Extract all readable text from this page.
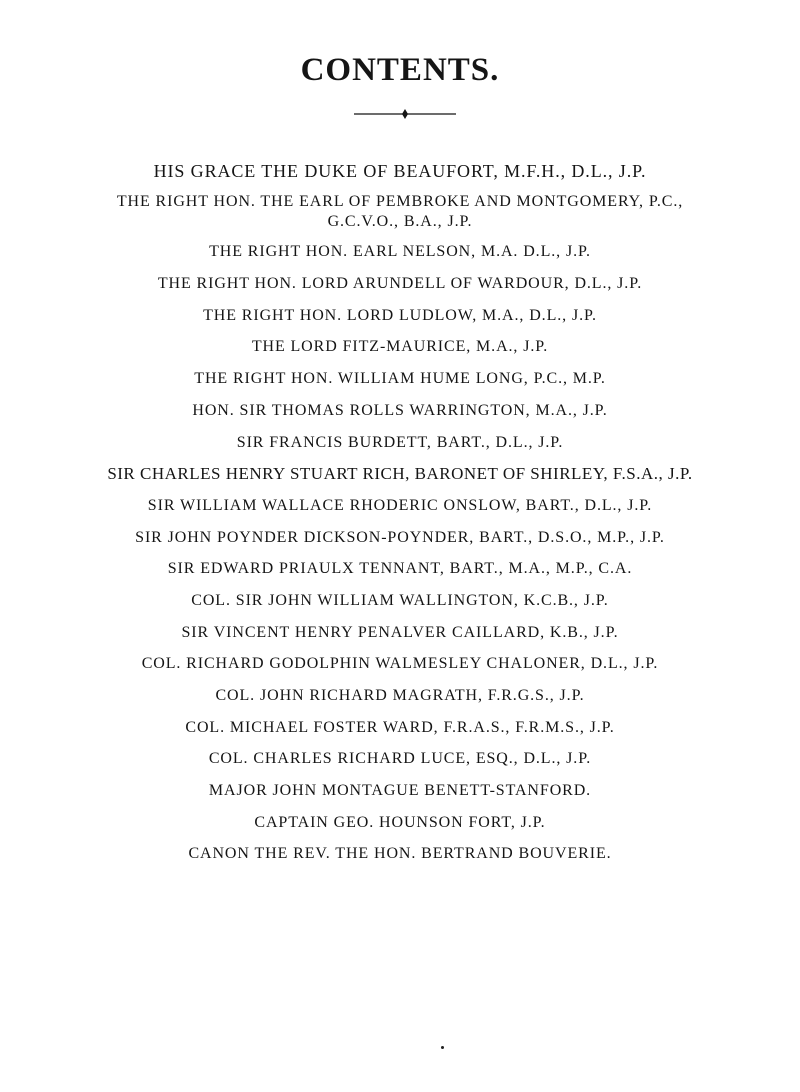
CONTENTS.
HIS GRACE THE DUKE OF BEAUFORT, M.F.H., D.L., J.P.
THE RIGHT HON. THE EARL OF PEMBROKE AND MONTGOMERY, P.C.,
G.C.V.O., B.A., J.P.
THE RIGHT HON. EARL NELSON, M.A. D.L., J.P.
THE RIGHT HON. LORD ARUNDELL OF WARDOUR, D.L., J.P.
THE RIGHT HON. LORD LUDLOW, M.A., D.L., J.P.
THE LORD FITZ-MAURICE, M.A., J.P.
THE RIGHT HON. WILLIAM HUME LONG, P.C., M.P.
HON. SIR THOMAS ROLLS WARRINGTON, M.A., J.P.
SIR FRANCIS BURDETT, BART., D.L., J.P.
SIR CHARLES HENRY STUART RICH, BARONET OF SHIRLEY, F.S.A., J.P.
SIR WILLIAM WALLACE RHODERIC ONSLOW, BART., D.L., J.P.
SIR JOHN POYNDER DICKSON-POYNDER, BART., D.S.O., M.P., J.P.
SIR EDWARD PRIAULX TENNANT, BART., M.A., M.P., C.A.
COL. SIR JOHN WILLIAM WALLINGTON, K.C.B., J.P.
SIR VINCENT HENRY PENALVER CAILLARD, K.B., J.P.
COL. RICHARD GODOLPHIN WALMESLEY CHALONER, D.L., J.P.
COL. JOHN RICHARD MAGRATH, F.R.G.S., J.P.
COL. MICHAEL FOSTER WARD, F.R.A.S., F.R.M.S., J.P.
COL. CHARLES RICHARD LUCE, ESQ., D.L., J.P.
MAJOR JOHN MONTAGUE BENETT-STANFORD.
CAPTAIN GEO. HOUNSON FORT, J.P.
CANON THE REV. THE HON. BERTRAND BOUVERIE.
